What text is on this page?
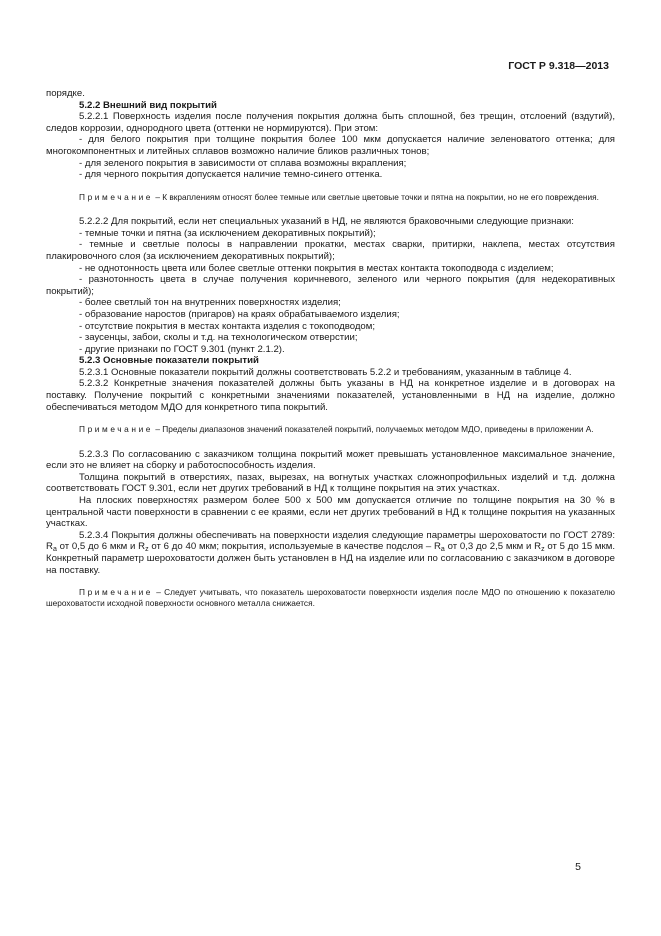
ГОСТ Р 9.318—2013

порядке.

5.2.2 Внешний вид покрытий

5.2.2.1 Поверхность изделия после получения покрытия должна быть сплошной, без трещин, отслоений (вздутий), следов коррозии, однородного цвета (оттенки не нормируются). При этом:

- для белого покрытия при толщине покрытия более 100 мкм допускается наличие зеленоватого оттенка; для многокомпонентных и литейных сплавов возможно наличие бликов различных тонов;

- для зеленого покрытия в зависимости от сплава возможны вкрапления;

- для черного покрытия допускается наличие темно-синего оттенка.

Примечание – К вкраплениям относят более темные или светлые цветовые точки и пятна на покрытии, но не его повреждения.

5.2.2.2 Для покрытий, если нет специальных указаний в НД, не являются браковочными следующие признаки:

- темные точки и пятна (за исключением декоративных покрытий);

- темные и светлые полосы в направлении прокатки, местах сварки, притирки, наклепа, местах отсутствия плакировочного слоя (за исключением декоративных покрытий);

- не однотонность цвета или более светлые оттенки покрытия в местах контакта токоподвода с изделием;

- разнотонность цвета в случае получения коричневого, зеленого или черного покрытия (для недекоративных покрытий);

- более светлый тон на внутренних поверхностях изделия;

- образование наростов (пригаров) на краях обрабатываемого изделия;

- отсутствие покрытия в местах контакта изделия с токоподводом;

- заусенцы, забои, сколы и т.д. на технологическом отверстии;

- другие признаки по ГОСТ 9.301 (пункт 2.1.2).

5.2.3 Основные показатели покрытий

5.2.3.1 Основные показатели покрытий должны соответствовать 5.2.2 и требованиям, указанным в таблице 4.

5.2.3.2 Конкретные значения показателей должны быть указаны в НД на конкретное изделие и в договорах на поставку. Получение покрытий с конкретными значениями показателей, установленными в НД на изделие, должно обеспечиваться методом МДО для конкретного типа покрытий.

Примечание – Пределы диапазонов значений показателей покрытий, получаемых методом МДО, приведены в приложении А.

5.2.3.3 По согласованию с заказчиком толщина покрытий может превышать установленное максимальное значение, если это не влияет на сборку и работоспособность изделия.

Толщина покрытий в отверстиях, пазах, вырезах, на вогнутых участках сложнопрофильных изделий и т.д. должна соответствовать ГОСТ 9.301, если нет других требований в НД к толщине покрытия на этих участках.

На плоских поверхностях размером более 500 х 500 мм допускается отличие по толщине покрытия на 30 % в центральной части поверхности в сравнении с ее краями, если нет других требований в НД к толщине покрытия на указанных участках.

5.2.3.4 Покрытия должны обеспечивать на поверхности изделия следующие параметры шероховатости по ГОСТ 2789: $R_a$ от 0,5 до 6 мкм и $R_z$ от 6 до 40 мкм; покрытия, используемые в качестве подслоя – $R_a$ от 0,3 до 2,5 мкм и $R_z$ от 5 до 15 мкм. Конкретный параметр шероховатости должен быть установлен в НД на изделие или по согласованию с заказчиком в договоре на поставку.

Примечание – Следует учитывать, что показатель шероховатости поверхности изделия после МДО по отношению к показателю шероховатости исходной поверхности основного металла снижается.

5
